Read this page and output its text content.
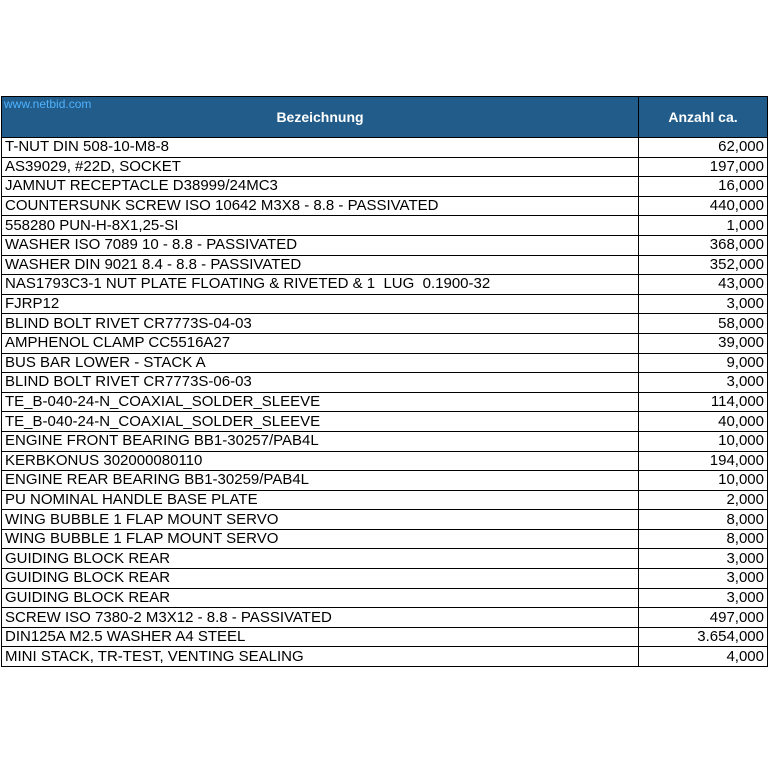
www.netbid.com
Bezeichnung	Anzahl ca.
T-NUT DIN 508-10-M8-8	62,000
AS39029, #22D, SOCKET	197,000
JAMNUT RECEPTACLE D38999/24MC3	16,000
COUNTERSUNK SCREW ISO 10642 M3X8 - 8.8 - PASSIVATED	440,000
558280 PUN-H-8X1,25-SI	1,000
WASHER ISO 7089 10 - 8.8 - PASSIVATED	368,000
WASHER DIN 9021 8.4 - 8.8 - PASSIVATED	352,000
NAS1793C3-1 NUT PLATE FLOATING & RIVETED & 1  LUG  0.1900-32	43,000
FJRP12	3,000
BLIND BOLT RIVET CR7773S-04-03	58,000
AMPHENOL CLAMP CC5516A27	39,000
BUS BAR LOWER - STACK A	9,000
BLIND BOLT RIVET CR7773S-06-03	3,000
TE_B-040-24-N_COAXIAL_SOLDER_SLEEVE	114,000
TE_B-040-24-N_COAXIAL_SOLDER_SLEEVE	40,000
ENGINE FRONT BEARING BB1-30257/PAB4L	10,000
KERBKONUS 302000080110	194,000
ENGINE REAR BEARING BB1-30259/PAB4L	10,000
PU NOMINAL HANDLE BASE PLATE	2,000
WING BUBBLE 1 FLAP MOUNT SERVO	8,000
WING BUBBLE 1 FLAP MOUNT SERVO	8,000
GUIDING BLOCK REAR	3,000
GUIDING BLOCK REAR	3,000
GUIDING BLOCK REAR	3,000
SCREW ISO 7380-2 M3X12 - 8.8 - PASSIVATED	497,000
DIN125A M2.5 WASHER A4 STEEL	3.654,000
MINI STACK, TR-TEST, VENTING SEALING	4,000
